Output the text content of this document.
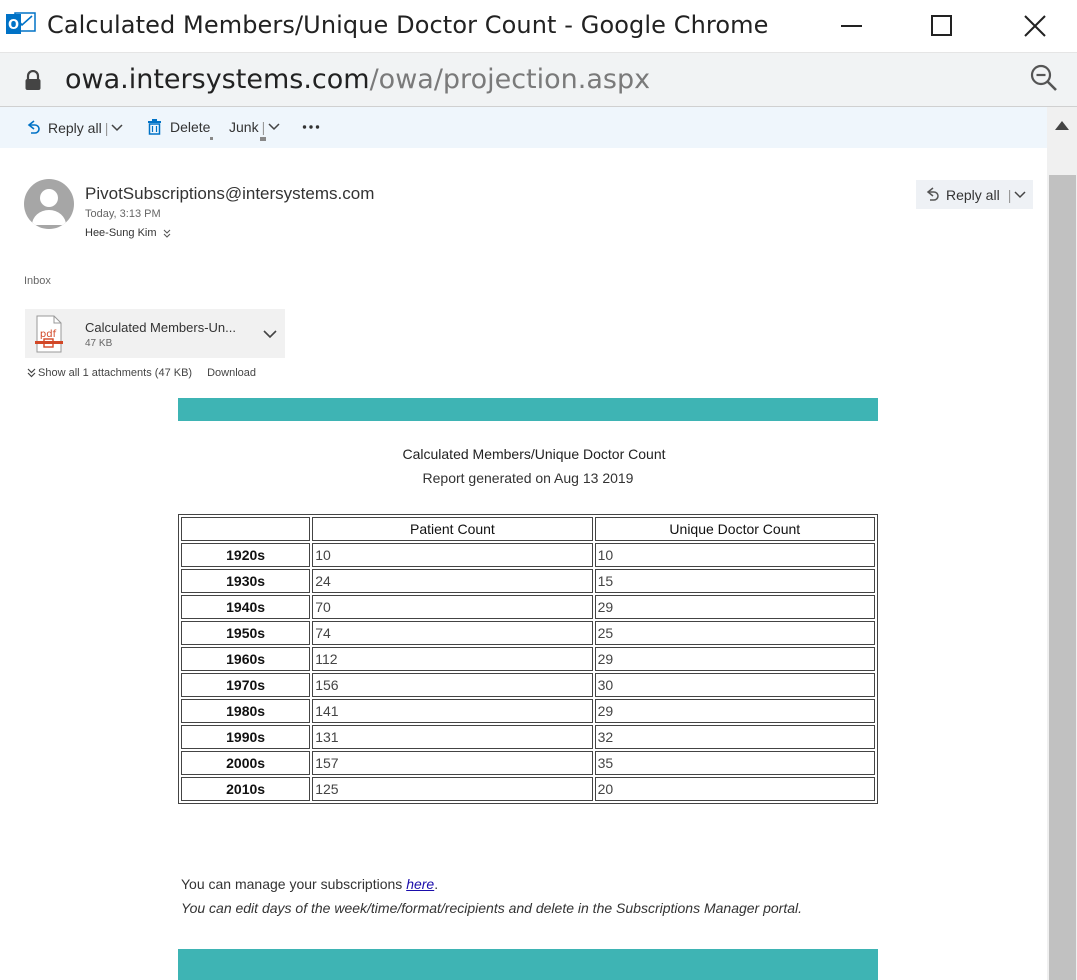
O Calculated Members/Unique Doctor Count - Google Chrome
owa.intersystems.com/owa/projection.aspx
Reply all |	Delete Junk |
PivotSubscriptions@intersystems.com
Today, 3:13 PM
Hee-Sung Kim
Reply all |
Inbox
pdf Calculated Members-Un...
47 KB
Show all 1 attachments (47 KB) Download
Calculated Members/Unique Doctor Count
Report generated on Aug 13 2019
	Patient Count	Unique Doctor Count
1920s	10	10
1930s	24	15
1940s	70	29
1950s	74	25
1960s	112	29
1970s	156	30
1980s	141	29
1990s	131	32
2000s	157	35
2010s	125	20
You can manage your subscriptions here.
You can edit days of the week/time/format/recipients and delete in the Subscriptions Manager portal.
